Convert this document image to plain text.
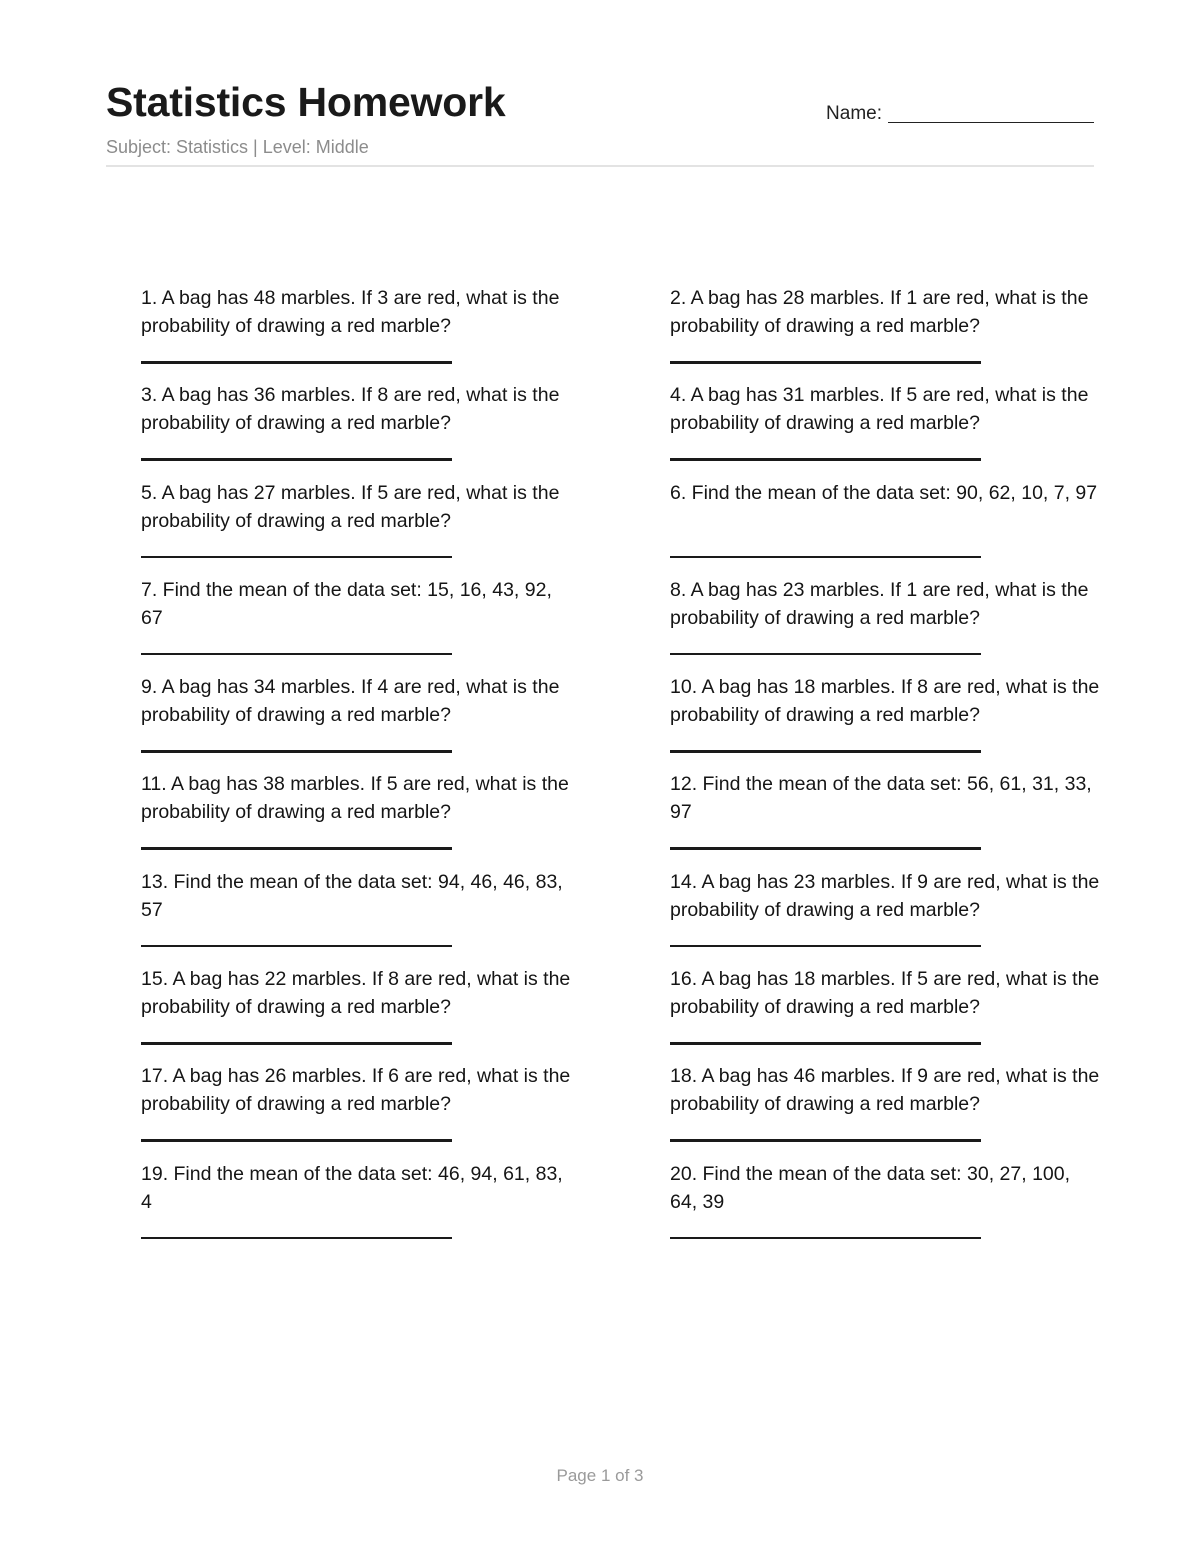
Statistics Homework
Subject: Statistics | Level: Middle
Name:

1. A bag has 48 marbles. If 3 are red, what is the probability of drawing a red marble?

2. A bag has 28 marbles. If 1 are red, what is the probability of drawing a red marble?

3. A bag has 36 marbles. If 8 are red, what is the probability of drawing a red marble?

4. A bag has 31 marbles. If 5 are red, what is the probability of drawing a red marble?

5. A bag has 27 marbles. If 5 are red, what is the probability of drawing a red marble?

6. Find the mean of the data set: 90, 62, 10, 7, 97

7. Find the mean of the data set: 15, 16, 43, 92, 67

8. A bag has 23 marbles. If 1 are red, what is the probability of drawing a red marble?

9. A bag has 34 marbles. If 4 are red, what is the probability of drawing a red marble?

10. A bag has 18 marbles. If 8 are red, what is the probability of drawing a red marble?

11. A bag has 38 marbles. If 5 are red, what is the probability of drawing a red marble?

12. Find the mean of the data set: 56, 61, 31, 33, 97

13. Find the mean of the data set: 94, 46, 46, 83, 57

14. A bag has 23 marbles. If 9 are red, what is the probability of drawing a red marble?

15. A bag has 22 marbles. If 8 are red, what is the probability of drawing a red marble?

16. A bag has 18 marbles. If 5 are red, what is the probability of drawing a red marble?

17. A bag has 26 marbles. If 6 are red, what is the probability of drawing a red marble?

18. A bag has 46 marbles. If 9 are red, what is the probability of drawing a red marble?

19. Find the mean of the data set: 46, 94, 61, 83, 4

20. Find the mean of the data set: 30, 27, 100, 64, 39

Page 1 of 3
